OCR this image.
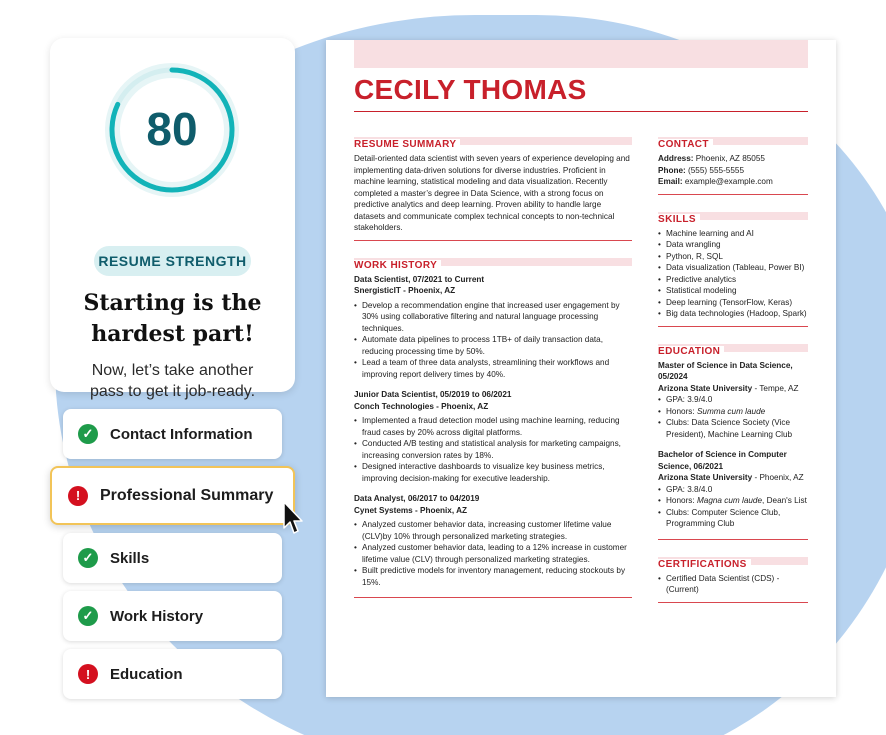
80
RESUME STRENGTH
Starting is the
hardest part!
Now, let’s take another
pass to get it job-ready.
✓	Contact Information
!	Professional Summary
✓	Skills
✓	Work History
!	Education
CECILY THOMAS
RESUME SUMMARY
Detail-oriented data scientist with seven years of experience developing and implementing data-driven solutions for diverse industries. Proficient in machine learning, statistical modeling and data visualization. Recently completed a master’s degree in Data Science, with a strong focus on predictive analytics and deep learning. Proven ability to handle large datasets and communicate complex technical concepts to non-technical stakeholders.
WORK HISTORY
Data Scientist, 07/2021 to Current
SnergisticIT - Phoenix, AZ
• Develop a recommendation engine that increased user engagement by 30% using collaborative filtering and natural language processing techniques.
• Automate data pipelines to process 1TB+ of daily transaction data, reducing processing time by 50%.
• Lead a team of three data analysts, streamlining their workflows and improving report delivery times by 40%.
Junior Data Scientist, 05/2019 to 06/2021
Conch Technologies - Phoenix, AZ
• Implemented a fraud detection model using machine learning, reducing fraud cases by 20% across digital platforms.
• Conducted A/B testing and statistical analysis for marketing campaigns, increasing conversion rates by 18%.
• Designed interactive dashboards to visualize key business metrics, improving decision-making for executive leadership.
Data Analyst, 06/2017 to 04/2019
Cynet Systems - Phoenix, AZ
• Analyzed customer behavior data, increasing customer lifetime value (CLV)by 10% through personalized marketing strategies.
• Analyzed customer behavior data, leading to a 12% increase in customer lifetime value (CLV) through personalized marketing strategies.
• Built predictive models for inventory management, reducing stockouts by 15%.
CONTACT
Address: Phoenix, AZ 85055
Phone: (555) 555-5555
Email: example@example.com
SKILLS
• Machine learning and AI
• Data wrangling
• Python, R, SQL
• Data visualization (Tableau, Power BI)
• Predictive analytics
• Statistical modeling
• Deep learning (TensorFlow, Keras)
• Big data technologies (Hadoop, Spark)
EDUCATION
Master of Science in Data Science, 05/2024
Arizona State University - Tempe, AZ
• GPA: 3.9/4.0
• Honors: Summa cum laude
• Clubs: Data Science Society (Vice President), Machine Learning Club
Bachelor of Science in Computer Science, 06/2021
Arizona State University - Phoenix, AZ
• GPA: 3.8/4.0
• Honors: Magna cum laude, Dean's List
• Clubs: Computer Science Club, Programming Club
CERTIFICATIONS
• Certified Data Scientist (CDS) - (Current)
